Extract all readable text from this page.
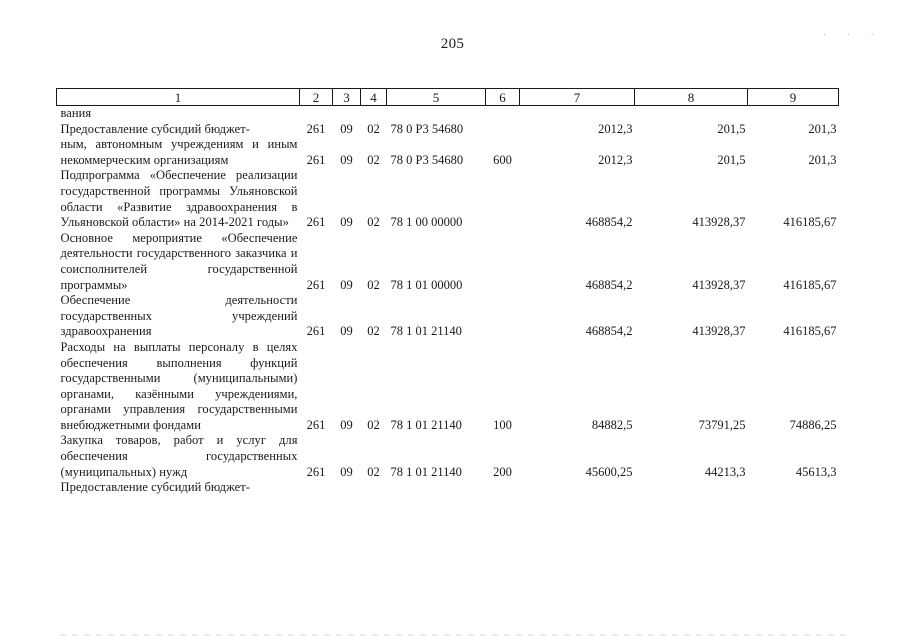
205
· · ·
1	2	3	4	5	6	7	8	9
вания								
Предоставление субсидий бюджет-	261	09	02	78 0 Р3 54680		2012,3	201,5	201,3
ным, автономным учреждениям и иным некоммерческим организациям	261	09	02	78 0 Р3 54680	600	2012,3	201,5	201,3
Подпрограмма «Обеспечение реализации государственной программы Ульяновской области «Развитие здравоохранения в Ульяновской области» на 2014-2021 годы»	261	09	02	78 1 00 00000		468854,2	413928,37	416185,67
Основное мероприятие «Обеспечение деятельности государственного заказчика и соисполнителей государственной программы»	261	09	02	78 1 01 00000		468854,2	413928,37	416185,67
Обеспечение деятельности государственных учреждений здравоохранения	261	09	02	78 1 01 21140		468854,2	413928,37	416185,67
Расходы на выплаты персоналу в целях обеспечения выполнения функций государственными (муниципальными) органами, казёнными учреждениями, органами управления государственными внебюджетными фондами	261	09	02	78 1 01 21140	100	84882,5	73791,25	74886,25
Закупка товаров, работ и услуг для обеспечения государственных (муниципальных) нужд	261	09	02	78 1 01 21140	200	45600,25	44213,3	45613,3
Предоставление субсидий бюджет-								
